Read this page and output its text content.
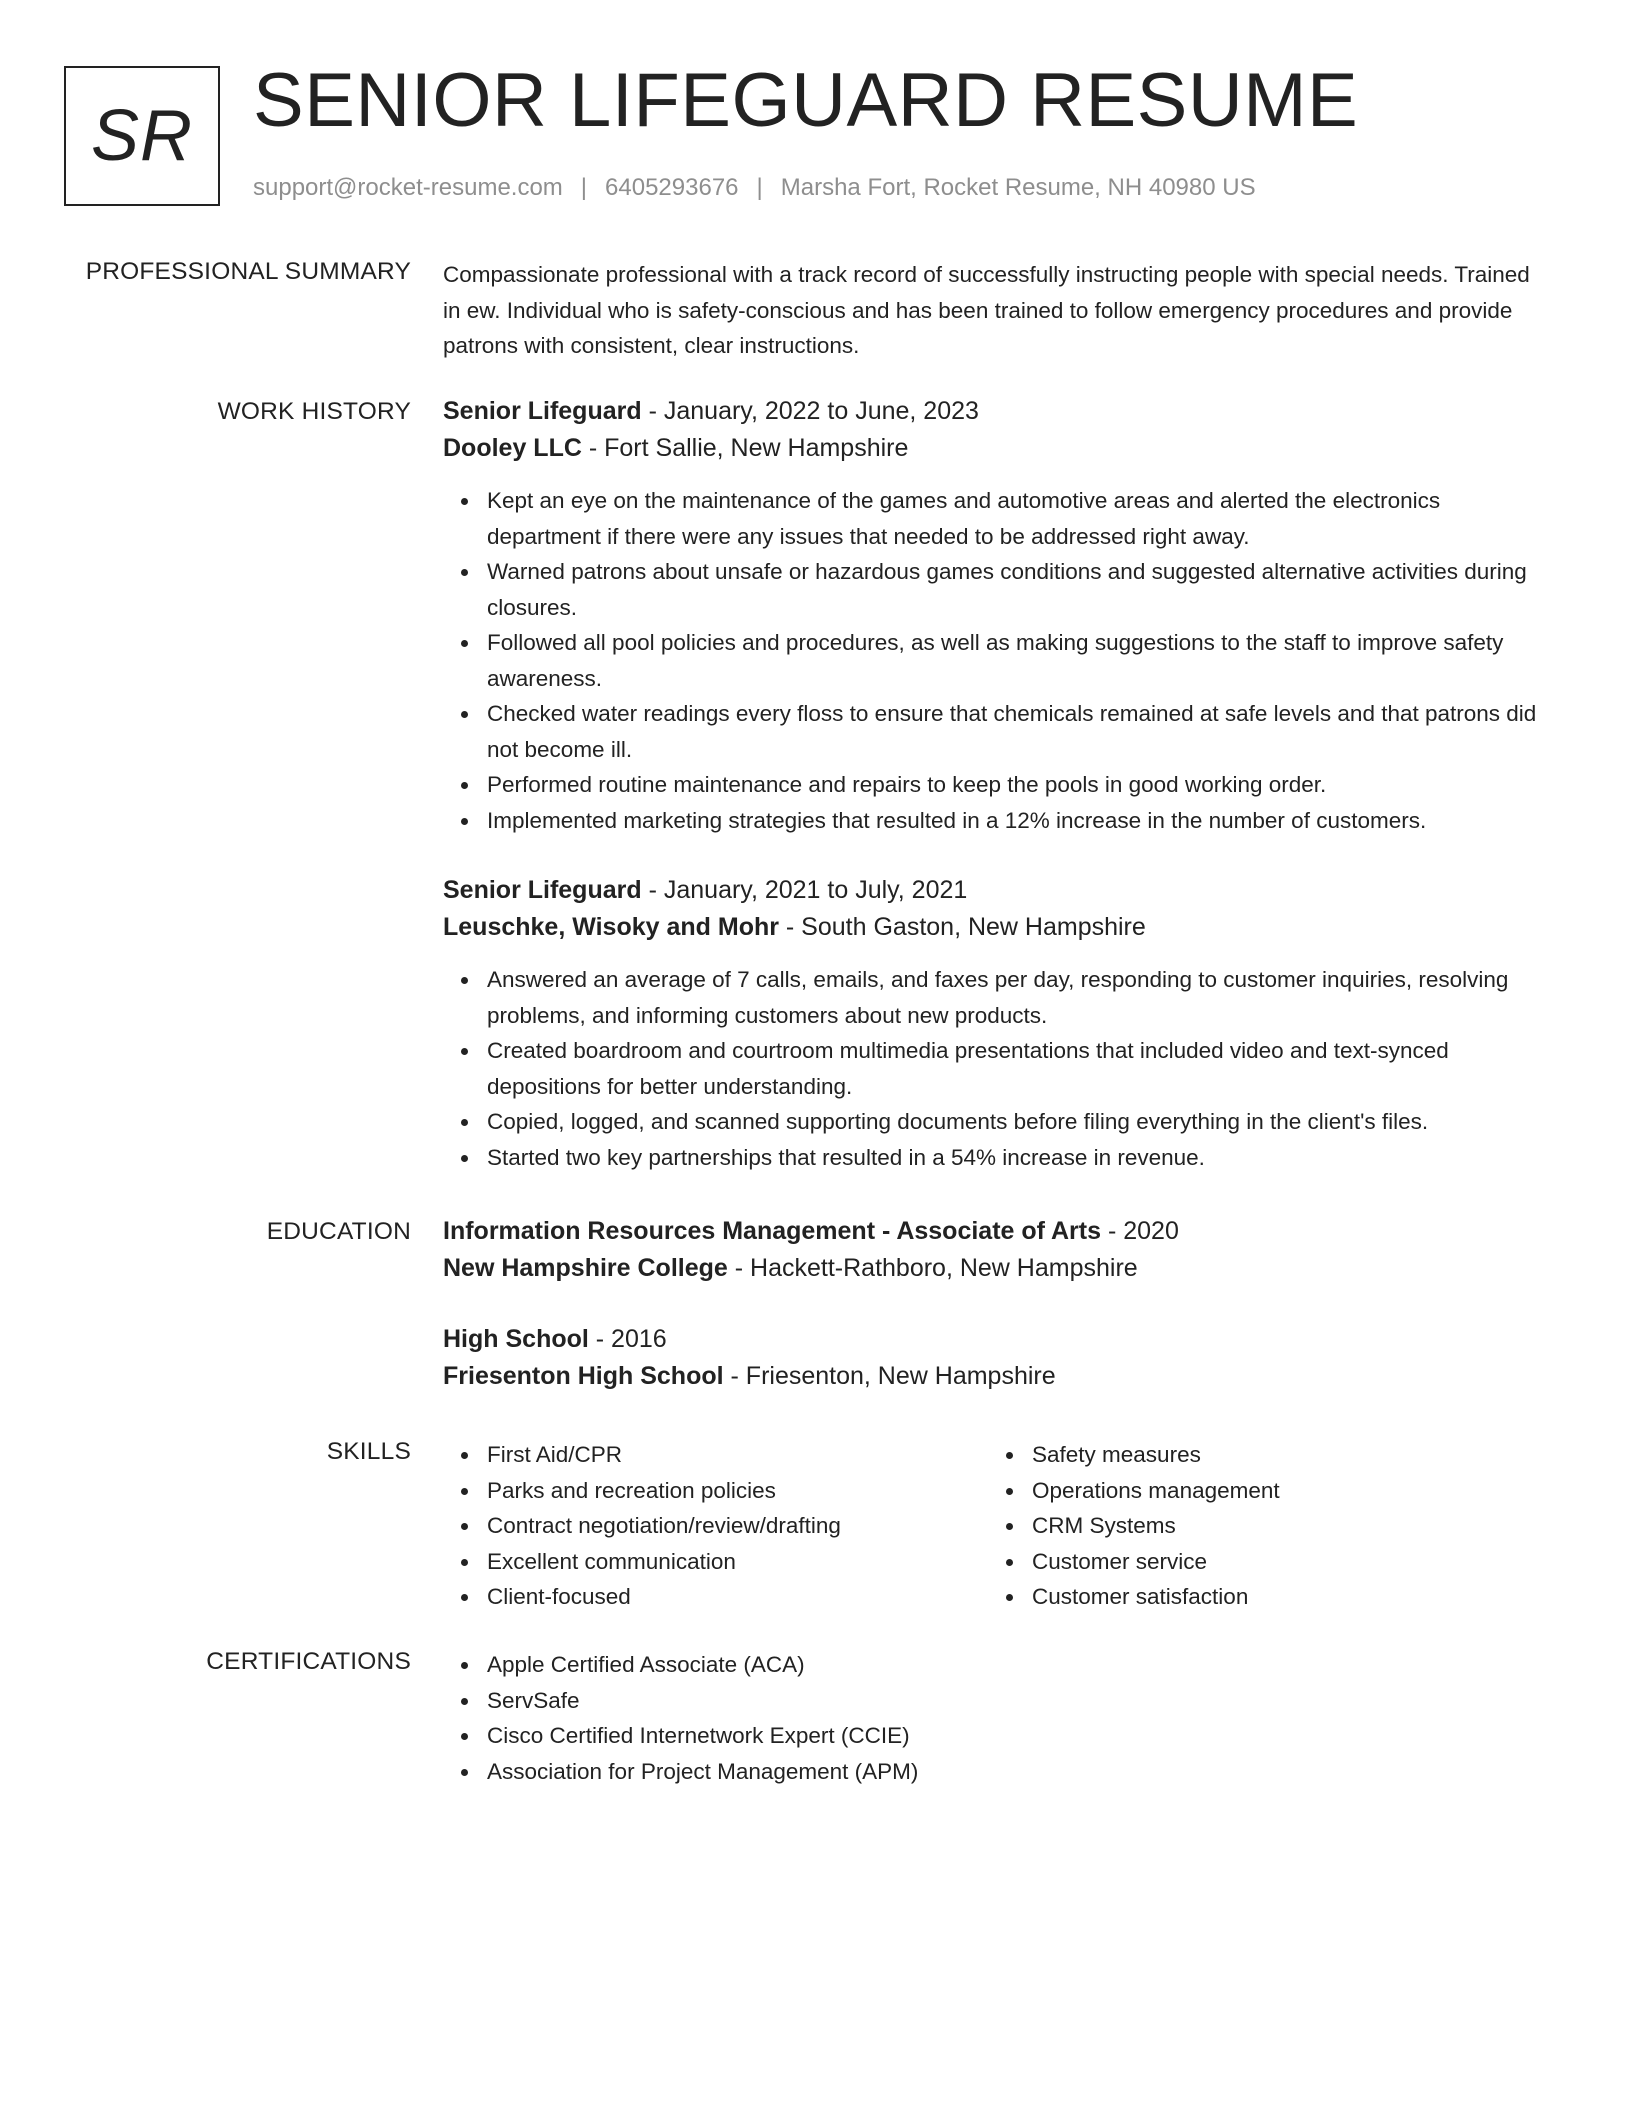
SR SENIOR LIFEGUARD RESUME
support@rocket-resume.com | 6405293676 | Marsha Fort, Rocket Resume, NH 40980 US
PROFESSIONAL SUMMARY Compassionate professional with a track record of successfully instructing people with special needs. Trained in ew. Individual who is safety-conscious and has been trained to follow emergency procedures and provide patrons with consistent, clear instructions.

WORK HISTORY Senior Lifeguard - January, 2022 to June, 2023
Dooley LLC - Fort Sallie, New Hampshire
Kept an eye on the maintenance of the games and automotive areas and alerted the electronics department if there were any issues that needed to be addressed right away.
Warned patrons about unsafe or hazardous games conditions and suggested alternative activities during closures.
Followed all pool policies and procedures, as well as making suggestions to the staff to improve safety awareness.
Checked water readings every floss to ensure that chemicals remained at safe levels and that patrons did not become ill.
Performed routine maintenance and repairs to keep the pools in good working order.
Implemented marketing strategies that resulted in a 12% increase in the number of customers.
Senior Lifeguard - January, 2021 to July, 2021
Leuschke, Wisoky and Mohr - South Gaston, New Hampshire
Answered an average of 7 calls, emails, and faxes per day, responding to customer inquiries, resolving problems, and informing customers about new products.
Created boardroom and courtroom multimedia presentations that included video and text-synced depositions for better understanding.
Copied, logged, and scanned supporting documents before filing everything in the client's files.
Started two key partnerships that resulted in a 54% increase in revenue.
EDUCATION Information Resources Management - Associate of Arts - 2020
New Hampshire College - Hackett-Rathboro, New Hampshire
High School - 2016
Friesenton High School - Friesenton, New Hampshire
SKILLS	First Aid/CPR
Parks and recreation policies
Contract negotiation/review/drafting
Excellent communication
Client-focused
Safety measures
Operations management
CRM Systems
Customer service
Customer satisfaction
CERTIFICATIONS	Apple Certified Associate (ACA)
ServSafe
Cisco Certified Internetwork Expert (CCIE)
Association for Project Management (APM)
